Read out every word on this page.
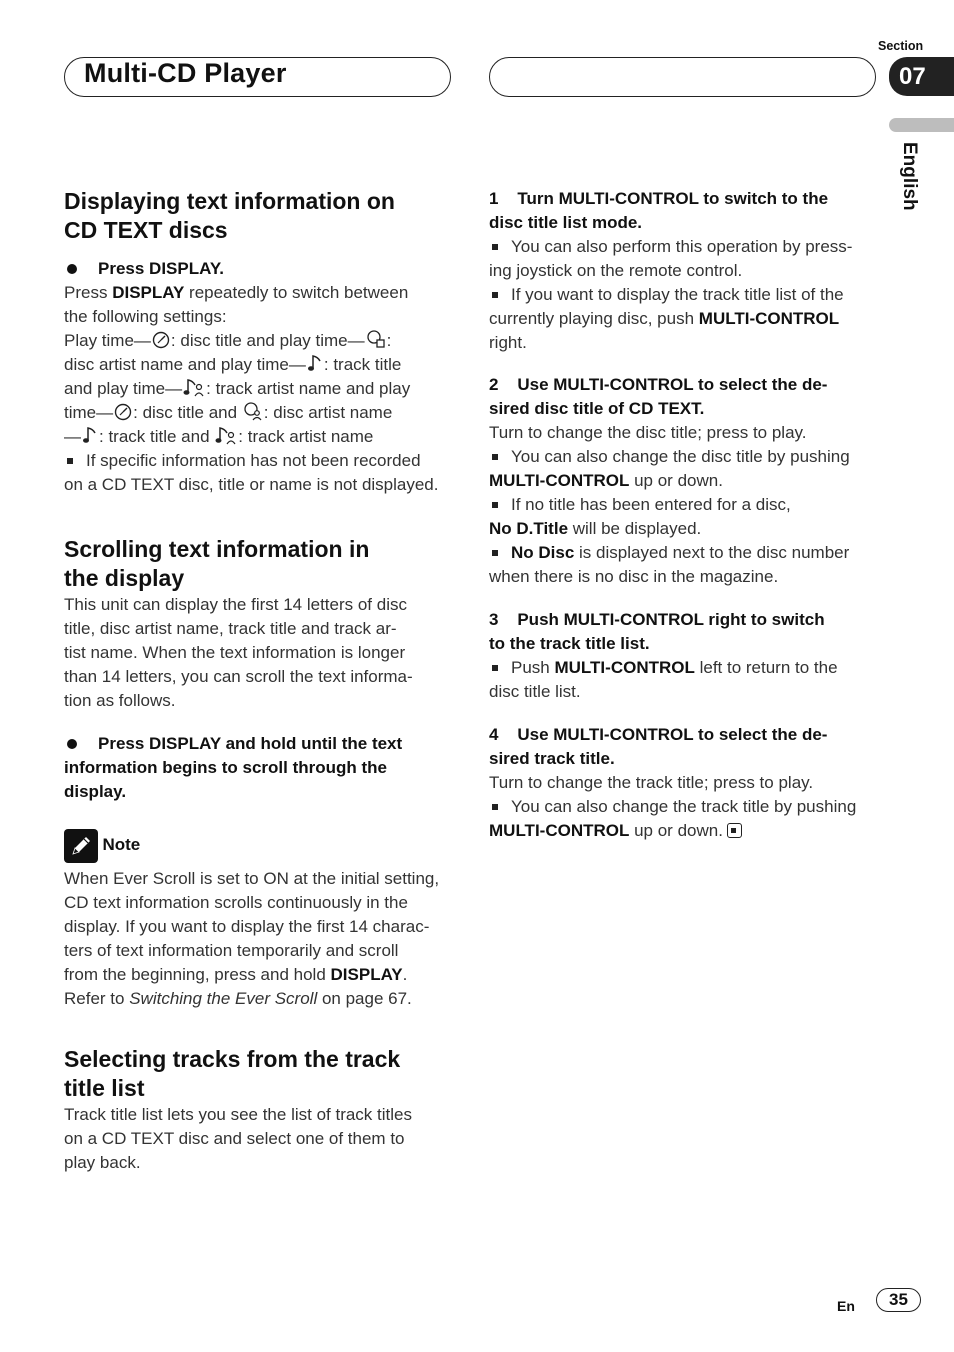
Multi-CD Player
Section
07
English
Displaying text information on
CD TEXT discs
Press DISPLAY.
Press DISPLAY repeatedly to switch between
the following settings:
Play time— : disc title and play time— :
disc artist name and play time— : track title
and play time— : track artist name and play
time— : disc title and : disc artist name
— : track title and : track artist name
If specific information has not been recorded
on a CD TEXT disc, title or name is not displayed.
Scrolling text information in
the display
This unit can display the first 14 letters of disc
title, disc artist name, track title and track ar-
tist name. When the text information is longer
than 14 letters, you can scroll the text informa-
tion as follows.
Press DISPLAY and hold until the text
information begins to scroll through the
display.
Note
When Ever Scroll is set to ON at the initial setting,
CD text information scrolls continuously in the
display. If you want to display the first 14 charac-
ters of text information temporarily and scroll
from the beginning, press and hold DISPLAY.
Refer to Switching the Ever Scroll on page 67.
Selecting tracks from the track
title list
Track title list lets you see the list of track titles
on a CD TEXT disc and select one of them to
play back.
1    Turn MULTI-CONTROL to switch to the
disc title list mode.
You can also perform this operation by press-
ing joystick on the remote control.
If you want to display the track title list of the
currently playing disc, push MULTI-CONTROL
right.
2    Use MULTI-CONTROL to select the de-
sired disc title of CD TEXT.
Turn to change the disc title; press to play.
You can also change the disc title by pushing
MULTI-CONTROL up or down.
If no title has been entered for a disc,
No D.Title will be displayed.
No Disc is displayed next to the disc number
when there is no disc in the magazine.
3    Push MULTI-CONTROL right to switch
to the track title list.
Push MULTI-CONTROL left to return to the
disc title list.
4    Use MULTI-CONTROL to select the de-
sired track title.
Turn to change the track title; press to play.
You can also change the track title by pushing
MULTI-CONTROL up or down.
En	35
